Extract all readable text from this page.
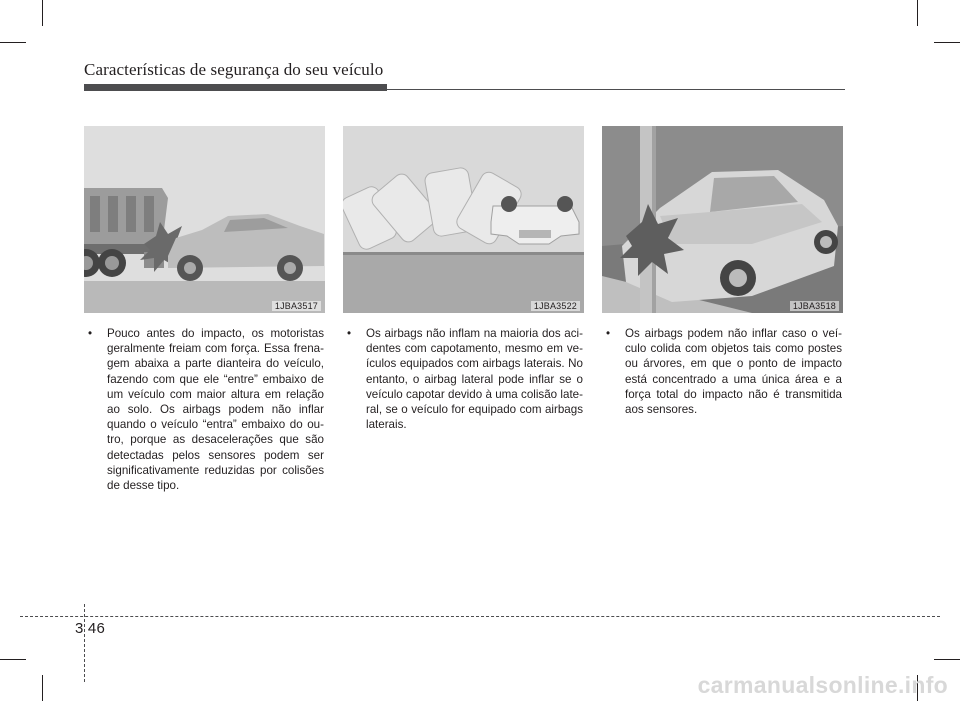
Características de segurança do seu veículo
1JBA3517	1JBA3522	1JBA3518
• Pouco antes do impacto, os motoristas geralmente freiam com força. Essa frenagem abaixa a parte dianteira do veículo, fazendo com que ele “entre” embaixo de um veículo com maior altura em relação ao solo. Os airbags podem não inflar quando o veículo “entra” embaixo do outro, porque as desacelerações que são detectadas pelos sensores podem ser significativamente reduzidas por colisões de desse tipo.

• Os airbags não inflam na maioria dos acidentes com capotamento, mesmo em veículos equipados com airbags laterais. No entanto, o airbag lateral pode inflar se o veículo capotar devido à uma colisão lateral, se o veículo for equipado com airbags laterais.

• Os airbags podem não inflar caso o veículo colida com objetos tais como postes ou árvores, em que o ponto de impacto está concentrado a uma única área e a força total do impacto não é transmitida aos sensores.

3 46
carmanualsonline.info
